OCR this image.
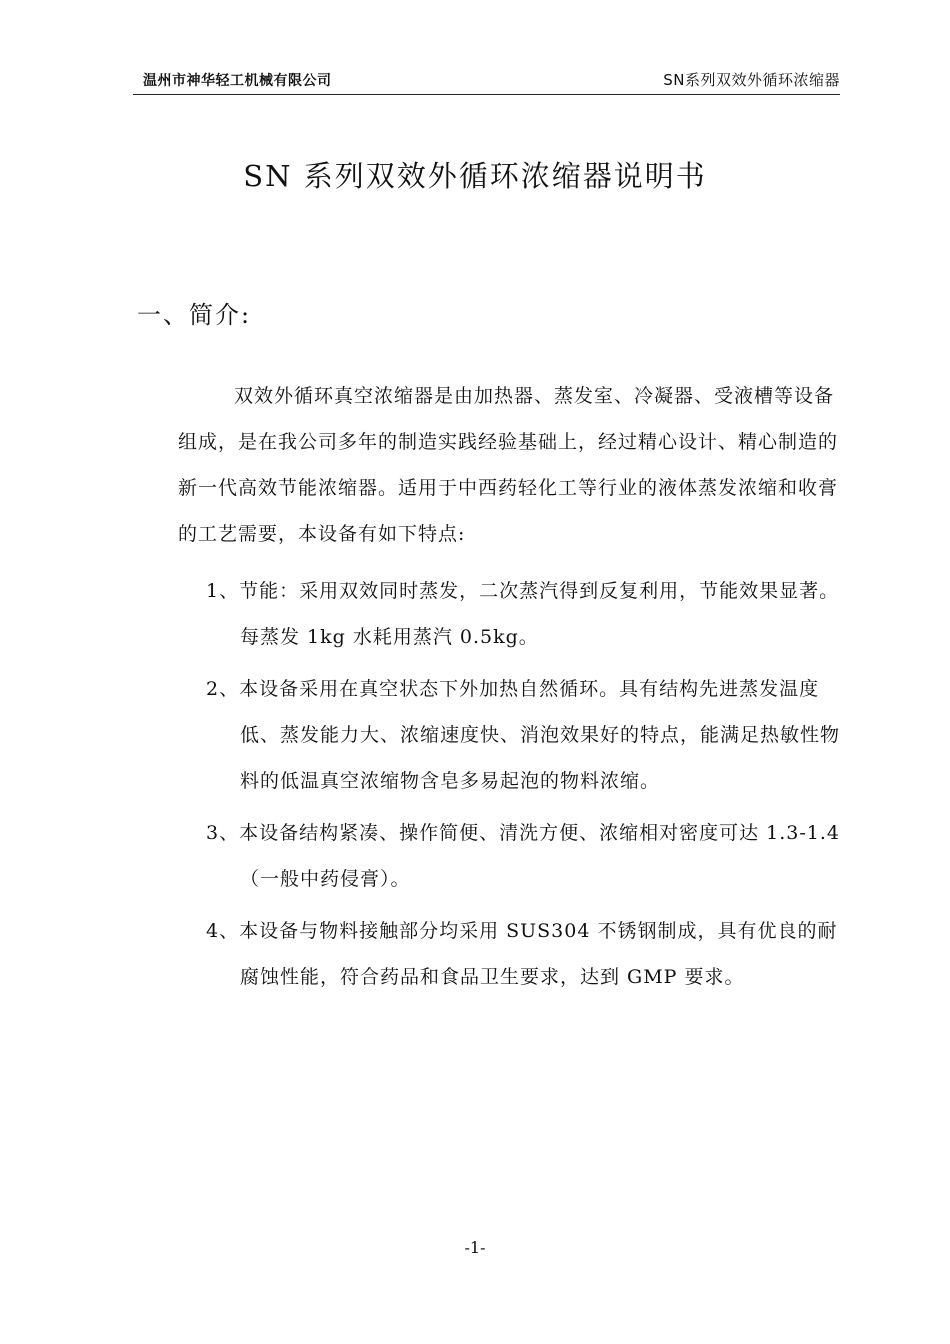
温州市神华轻工机械有限公司	SN系列双效外循环浓缩器
SN 系列双效外循环浓缩器说明书
一、简介:

双效外循环真空浓缩器是由加热器、蒸发室、冷凝器、受液槽等设备组成，是在我公司多年的制造实践经验基础上，经过精心设计、精心制造的新一代高效节能浓缩器。适用于中西药轻化工等行业的液体蒸发浓缩和收膏的工艺需要，本设备有如下特点:

1、节能：采用双效同时蒸发，二次蒸汽得到反复利用，节能效果显著。每蒸发 1kg 水耗用蒸汽 0.5kg。
2、本设备采用在真空状态下外加热自然循环。具有结构先进蒸发温度低、蒸发能力大、浓缩速度快、消泡效果好的特点，能满足热敏性物料的低温真空浓缩物含皂多易起泡的物料浓缩。
3、本设备结构紧凑、操作简便、清洗方便、浓缩相对密度可达 1.3-1.4（一般中药侵膏）。
4、本设备与物料接触部分均采用 SUS304 不锈钢制成，具有优良的耐腐蚀性能，符合药品和食品卫生要求，达到 GMP 要求。
-1-
